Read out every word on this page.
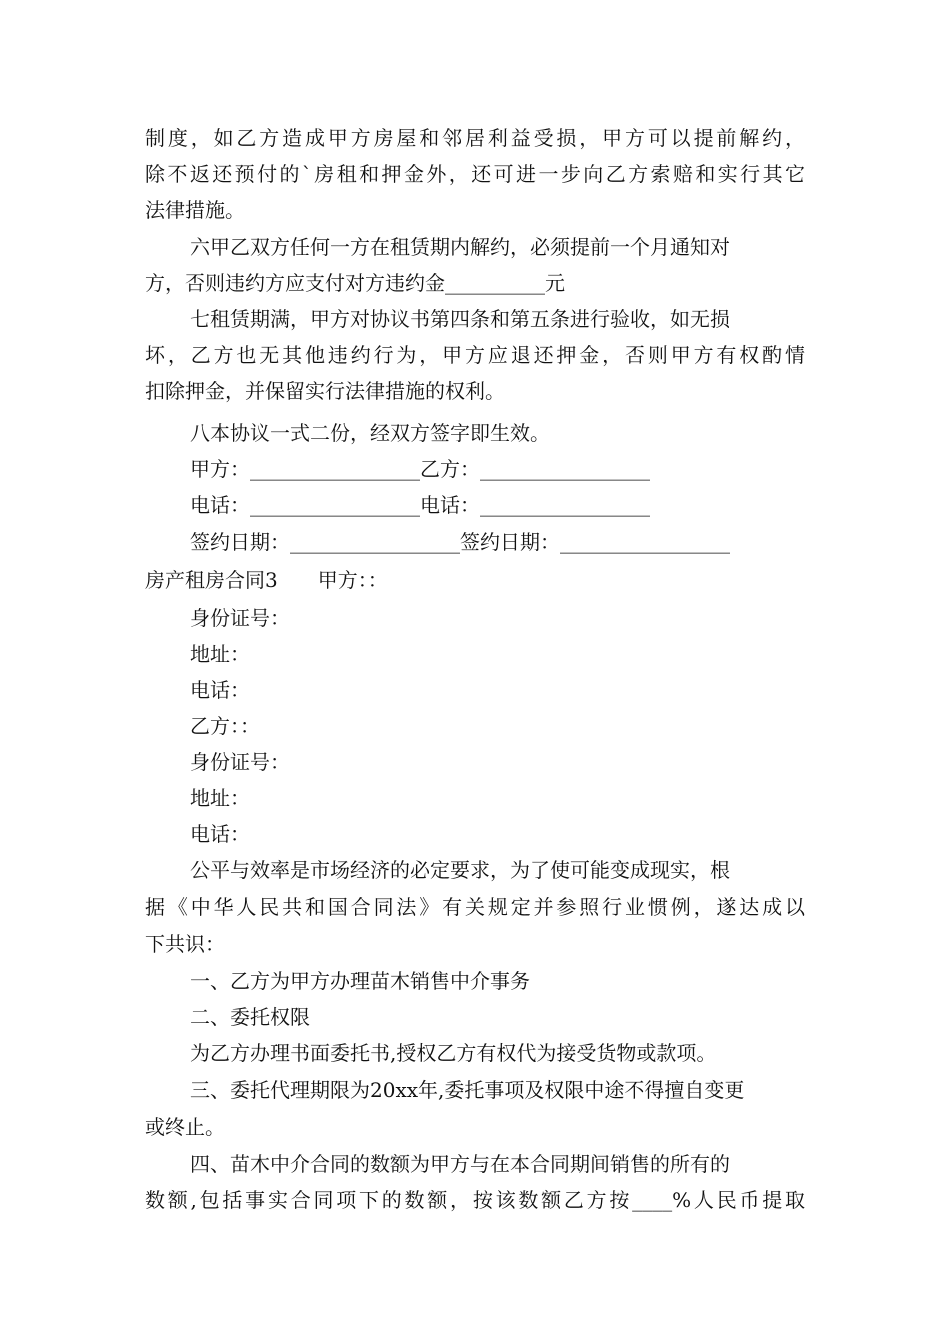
制度，如乙方造成甲方房屋和邻居利益受损，甲方可以提前解约，
除不返还预付的`房租和押金外，还可进一步向乙方索赔和实行其它
法律措施。
六甲乙双方任何一方在租赁期内解约，必须提前一个月通知对
方，否则违约方应支付对方违约金__________元
七租赁期满，甲方对协议书第四条和第五条进行验收，如无损
坏，乙方也无其他违约行为，甲方应退还押金，否则甲方有权酌情
扣除押金，并保留实行法律措施的权利。
八本协议一式二份，经双方签字即生效。
甲方：_________________乙方：_________________
电话：_________________电话：_________________
签约日期：_________________签约日期：_________________
房产租房合同3　　甲方：：
身份证号：
地址：
电话：
乙方：：
身份证号：
地址：
电话：
公平与效率是市场经济的必定要求，为了使可能变成现实，根
据《中华人民共和国合同法》有关规定并参照行业惯例，遂达成以
下共识：
一、乙方为甲方办理苗木销售中介事务
二、委托权限
为乙方办理书面委托书,授权乙方有权代为接受货物或款项。
三、委托代理期限为20xx年,委托事项及权限中途不得擅自变更
或终止。
四、苗木中介合同的数额为甲方与在本合同期间销售的所有的
数额,包括事实合同项下的数额，按该数额乙方按____%人民币提取
